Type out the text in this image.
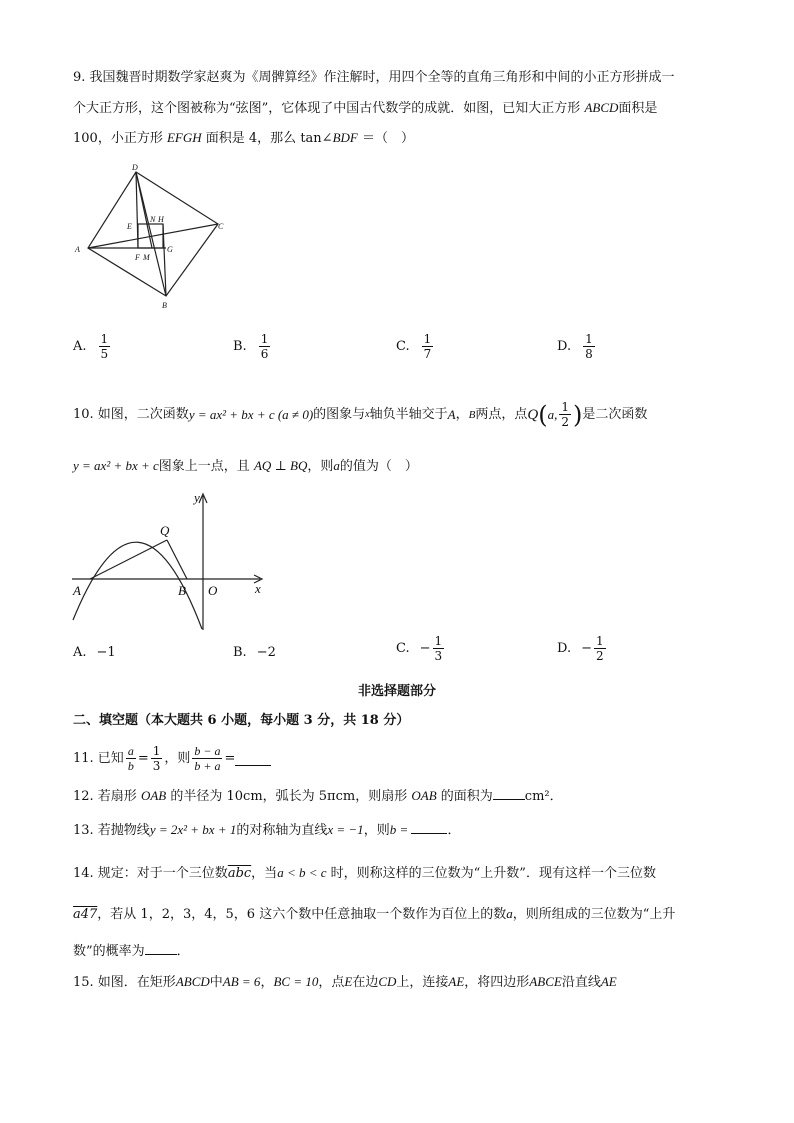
9. 我国魏晋时期数学家赵爽为《周髀算经》作注解时，用四个全等的直角三角形和中间的小正方形拼成一
个大正方形，这个图被称为“弦图”，它体现了中国古代数学的成就．如图，已知大正方形 ABCD面积是
100，小正方形 EFGH 面积是 4，那么 tan∠BDF ＝（　）
D
C
A
B
E
N H
G
F M
A. $\frac{1}{5}$	B. $\frac{1}{6}$	C. $\frac{1}{7}$	D. $\frac{1}{8}$
10. 如图，二次函数 y = ax² + bx + c (a ≠ 0) 的图象与 x 轴负半轴交于 A ， B 两点，点 Q ( a, $\frac{1}{2}$ ) 是二次函数
y = ax² + bx + c图象上一点，且 AQ ⊥ BQ，则a的值为（　）
y
Q
A	B O	x
A. −1	B. −2	C. − $\frac{1}{3}$	D. − $\frac{1}{2}$
非选择题部分
二、填空题（本大题共 6 小题，每小题 3 分，共 18 分）
11. 已知 $\frac{a}{b} = \frac{1}{3}$ ，则 $\frac{b - a}{b + a}$ =
12. 若扇形 OAB 的半径为 10cm，弧长为 5πcm，则扇形 OAB 的面积为 cm²．
13. 若抛物线y = 2x² + bx + 1的对称轴为直线x = −1，则b =	．
14. 规定：对于一个三位数$\overline{abc}$，当a < b < c 时，则称这样的三位数为“上升数”．现有这样一个三位数
a47，若从 1，2，3，4，5，6 这六个数中任意抽取一个数作为百位上的数a，则所组成的三位数为“上升
数”的概率为 ．
15. 如图．在矩形ABCD中AB = 6，BC = 10，点E在边CD上，连接AE，将四边形ABCE沿直线AE
